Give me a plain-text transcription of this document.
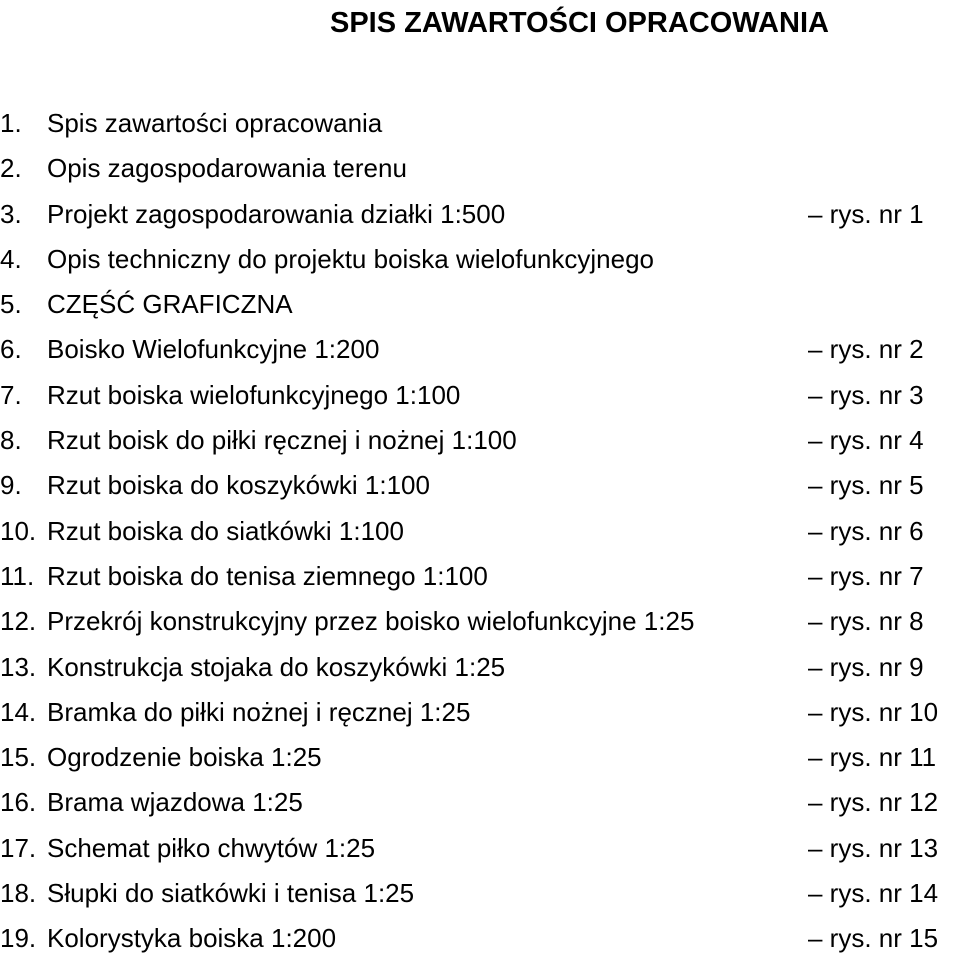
SPIS ZAWARTOŚCI OPRACOWANIA
1. Spis zawartości opracowania
2. Opis zagospodarowania terenu
3. Projekt zagospodarowania działki 1:500	– rys. nr 1
4. Opis techniczny do projektu boiska wielofunkcyjnego
5. CZĘŚĆ GRAFICZNA
6. Boisko Wielofunkcyjne 1:200	– rys. nr 2
7. Rzut boiska wielofunkcyjnego 1:100	– rys. nr 3
8. Rzut boisk do piłki ręcznej i nożnej 1:100	– rys. nr 4
9. Rzut boiska do koszykówki 1:100	– rys. nr 5
10. Rzut boiska do siatkówki 1:100	– rys. nr 6
11. Rzut boiska do tenisa ziemnego 1:100	– rys. nr 7
12. Przekrój konstrukcyjny przez boisko wielofunkcyjne 1:25	– rys. nr 8
13. Konstrukcja stojaka do koszykówki 1:25	– rys. nr 9
14. Bramka do piłki nożnej i ręcznej 1:25	– rys. nr 10
15. Ogrodzenie boiska 1:25	– rys. nr 11
16. Brama wjazdowa 1:25	– rys. nr 12
17. Schemat piłko chwytów 1:25	– rys. nr 13
18. Słupki do siatkówki i tenisa 1:25	– rys. nr 14
19. Kolorystyka boiska 1:200	– rys. nr 15
